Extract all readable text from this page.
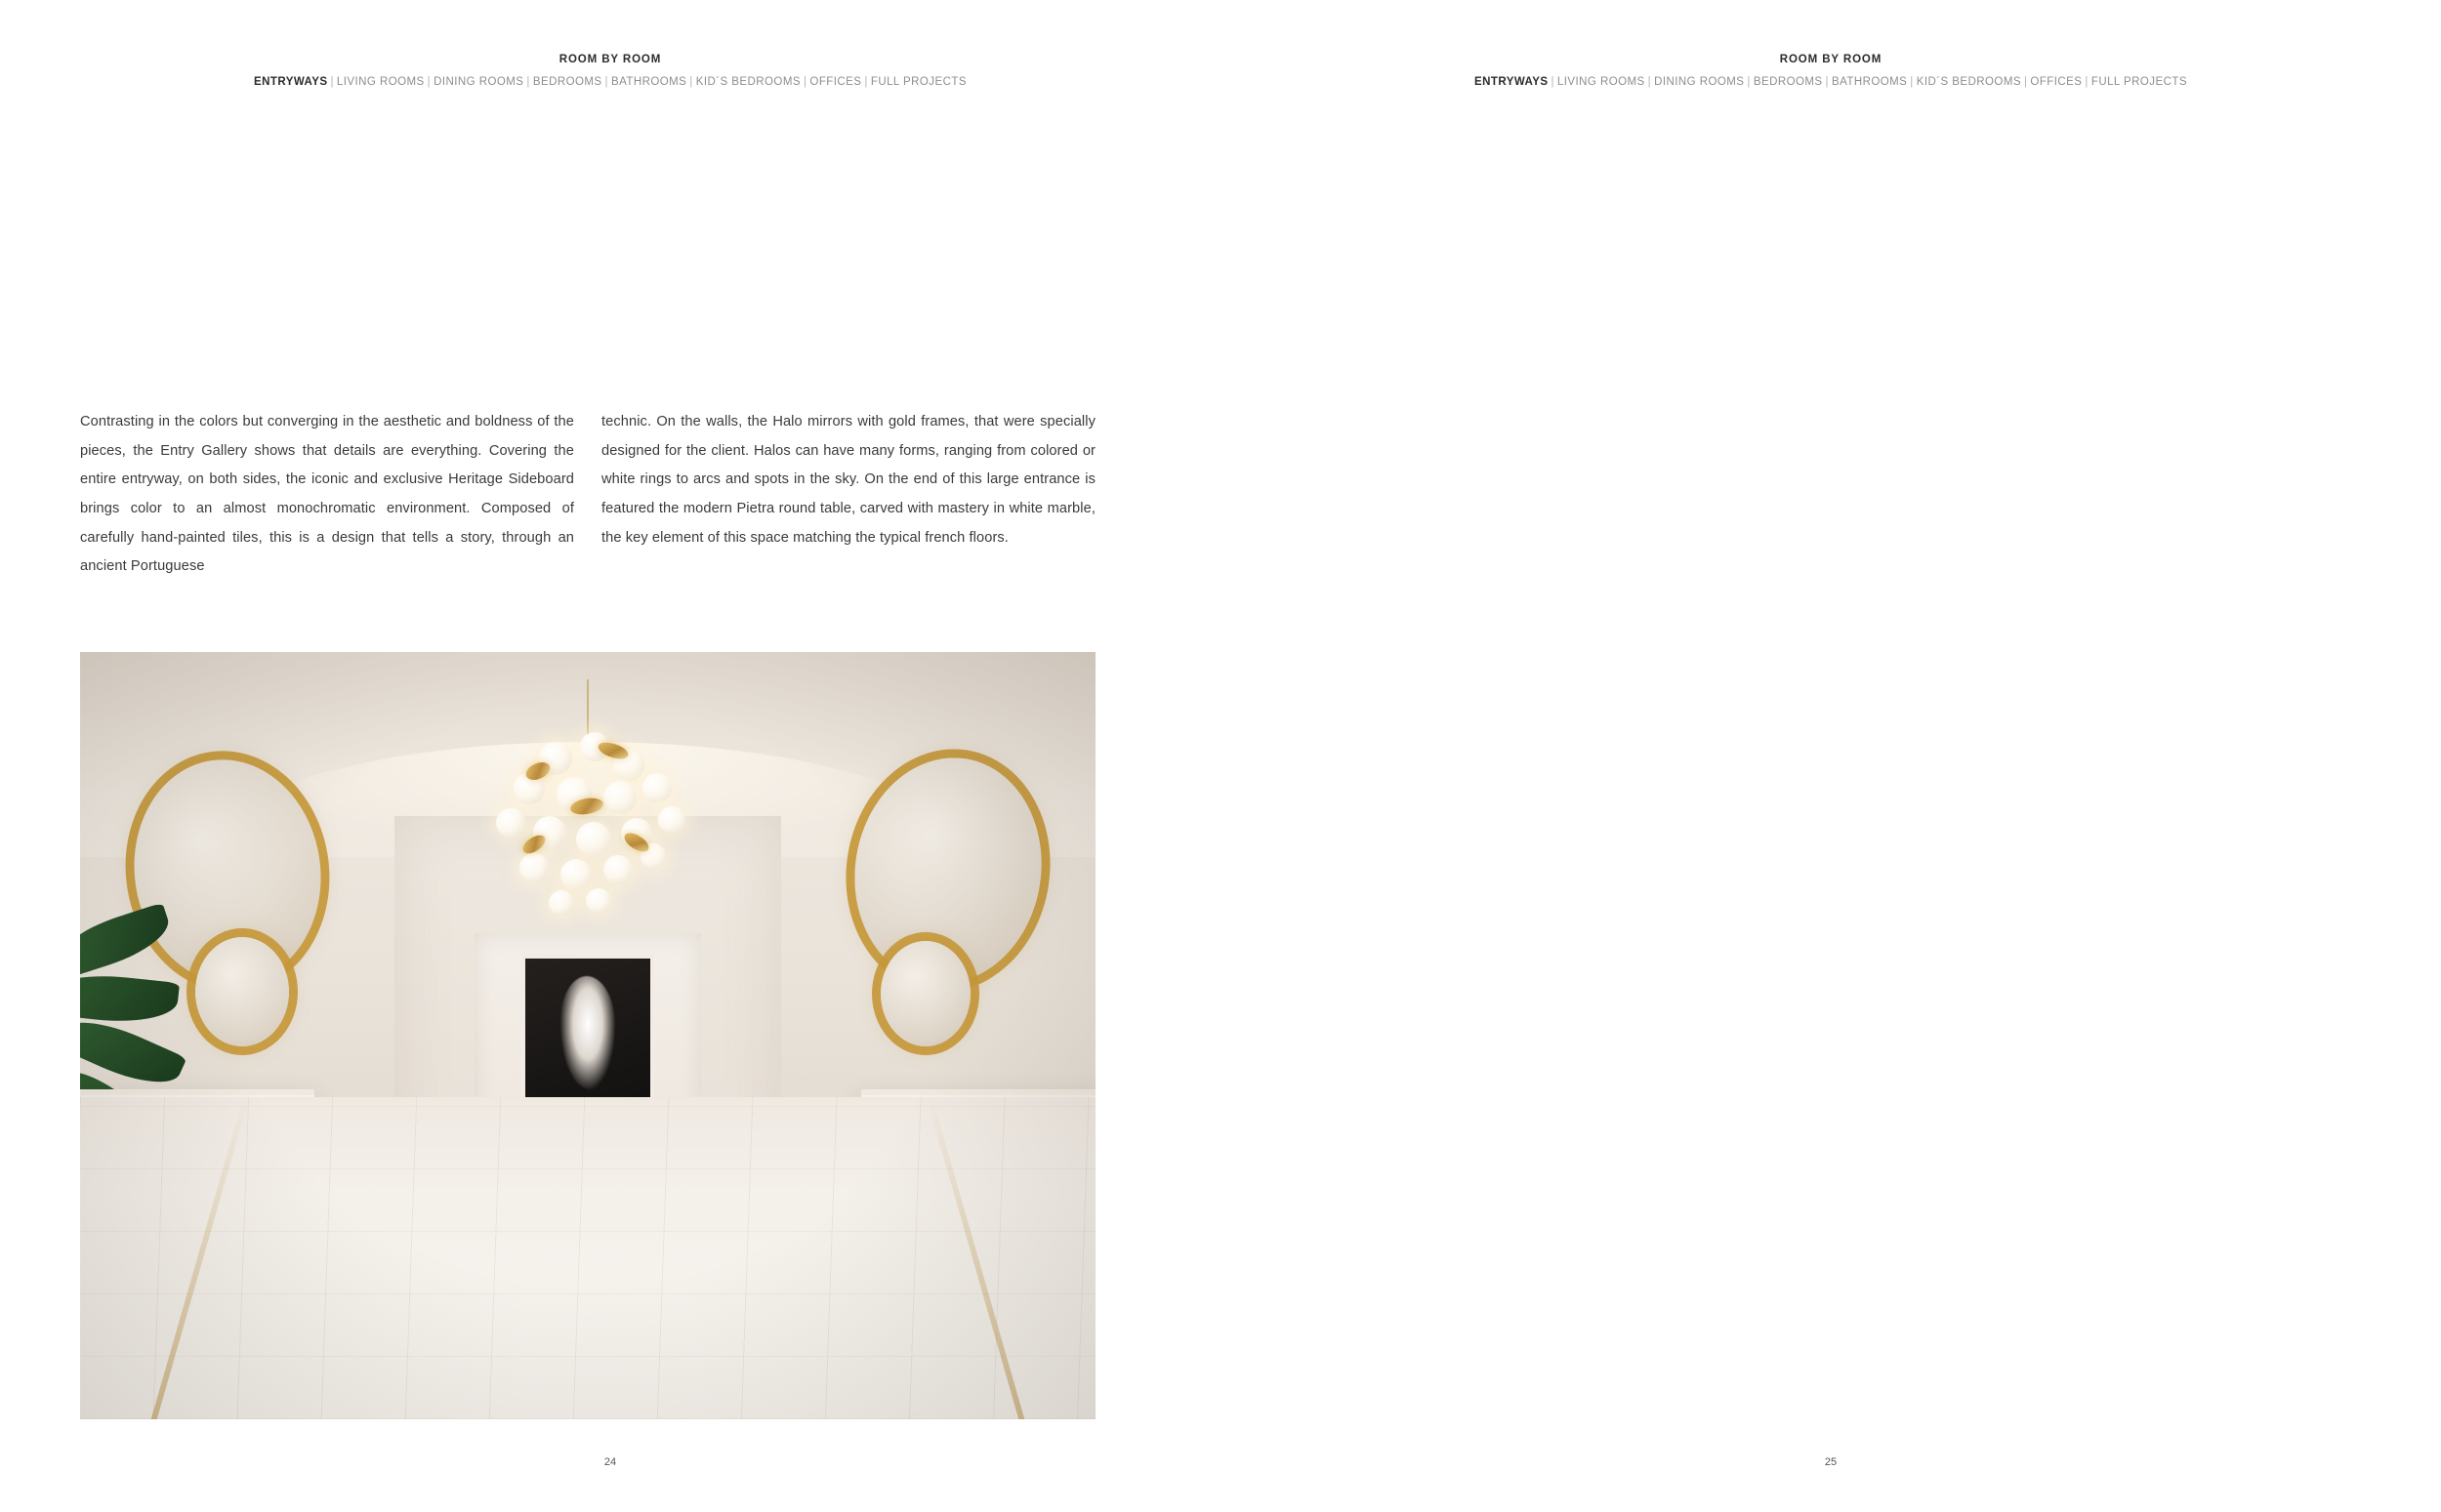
ROOM BY ROOM
ENTRYWAYS | LIVING ROOMS | DINING ROOMS | BEDROOMS | BATHROOMS | KID´S BEDROOMS | OFFICES | FULL PROJECTS

Contrasting in the colors but converging in the aesthetic and boldness of the pieces, the Entry Gallery shows that details are everything. Covering the entire entryway, on both sides, the iconic and exclusive Heritage Sideboard brings color to an almost monochromatic environment. Composed of carefully hand-painted tiles, this is a design that tells a story, through an ancient Portuguese

technic. On the walls, the Halo mirrors with gold frames, that were specially designed for the client. Halos can have many forms, ranging from colored or white rings to arcs and spots in the sky. On the end of this large entrance is featured the modern Pietra round table, carved with mastery in white marble, the key element of this space matching the typical french floors.

24
ROOM BY ROOM
ENTRYWAYS | LIVING ROOMS | DINING ROOMS | BEDROOMS | BATHROOMS | KID´S BEDROOMS | OFFICES | FULL PROJECTS
25
